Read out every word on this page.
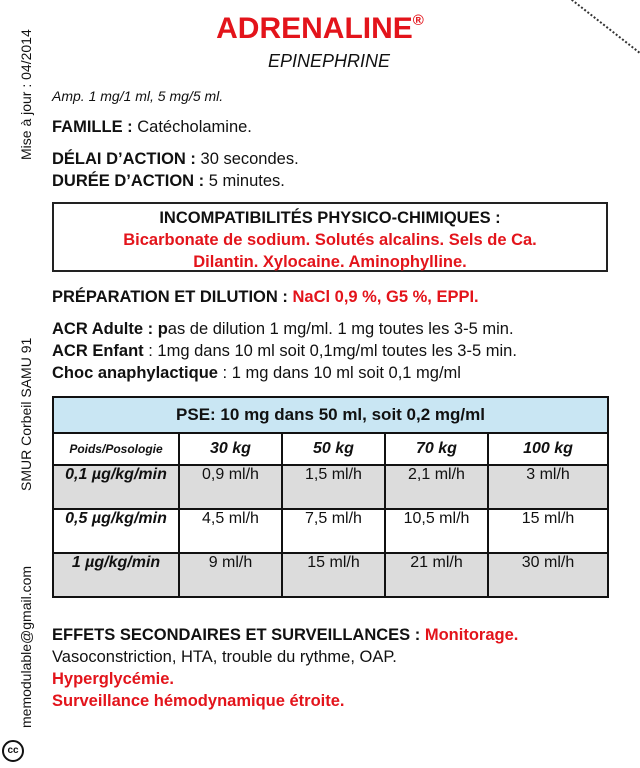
Mise à jour : 04/2014
SMUR Corbeil SAMU 91
memodulable@gmail.com
cc
ADRENALINE®
EPINEPHRINE
Amp. 1 mg/1 ml, 5 mg/5 ml.
FAMILLE : Catécholamine.
DÉLAI D’ACTION : 30 secondes.
DURÉE D’ACTION : 5 minutes.
INCOMPATIBILITÉS PHYSICO-CHIMIQUES :
Bicarbonate de sodium. Solutés alcalins. Sels de Ca.
Dilantin. Xylocaine. Aminophylline.
PRÉPARATION ET DILUTION : NaCl 0,9 %, G5 %, EPPI.
ACR Adulte : pas de dilution 1 mg/ml. 1 mg toutes les 3-5 min.
ACR Enfant : 1mg dans 10 ml soit 0,1mg/ml toutes les 3-5 min.
Choc anaphylactique : 1 mg dans 10 ml soit 0,1 mg/ml
PSE: 10 mg dans 50 ml, soit 0,2 mg/ml				
Poids/Posologie	30 kg	50 kg	70 kg	100 kg
0,1 µg/kg/min	0,9 ml/h	1,5 ml/h	2,1 ml/h	3 ml/h
0,5 µg/kg/min	4,5 ml/h	7,5 ml/h	10,5 ml/h	15 ml/h
1 µg/kg/min	9 ml/h	15 ml/h	21 ml/h	30 ml/h
EFFETS SECONDAIRES ET SURVEILLANCES : Monitorage.
Vasoconstriction, HTA, trouble du rythme, OAP.
Hyperglycémie.
Surveillance hémodynamique étroite.
